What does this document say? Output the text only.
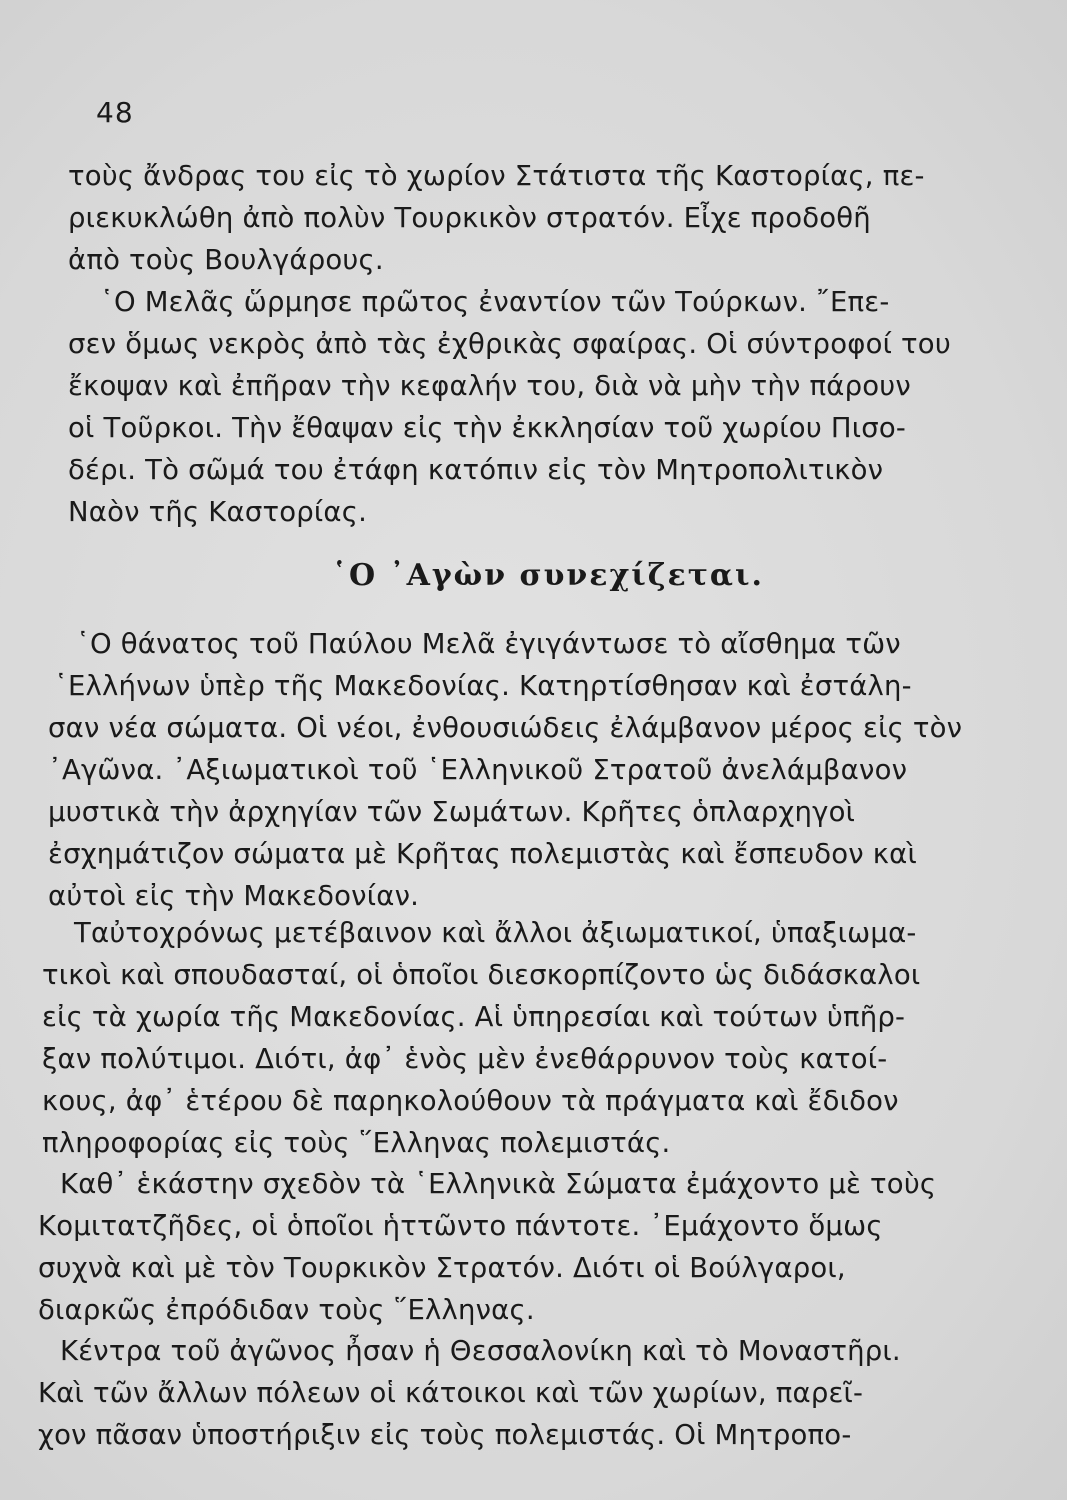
48
τοὺς ἄνδρας του εἰς τὸ χωρίον Στάτιστα τῆς Καστορίας, πε-
ριεκυκλώθη ἀπὸ πολὺν Τουρκικὸν στρατόν. Εἶχε προδοθῆ
ἀπὸ τοὺς Βουλγάρους.
῾Ο Μελᾶς ὥρμησε πρῶτος ἐναντίον τῶν Τούρκων. ῎Επε-
σεν ὅμως νεκρὸς ἀπὸ τὰς ἐχθρικὰς σφαίρας. Οἱ σύντροφοί του
ἔκοψαν καὶ ἐπῆραν τὴν κεφαλήν του, διὰ νὰ μὴν τὴν πάρουν
οἱ Τοῦρκοι. Τὴν ἔθαψαν εἰς τὴν ἐκκλησίαν τοῦ χωρίου Πισο-
δέρι. Τὸ σῶμά του ἐτάφη κατόπιν εἰς τὸν Μητροπολιτικὸν
Ναὸν τῆς Καστορίας.
῾Ο ᾿Αγὼν συνεχίζεται.
῾Ο θάνατος τοῦ Παύλου Μελᾶ ἐγιγάντωσε τὸ αἴσθημα τῶν
῾Ελλήνων ὑπὲρ τῆς Μακεδονίας. Κατηρτίσθησαν καὶ ἐστάλη-
σαν νέα σώματα. Οἱ νέοι, ἐνθουσιώδεις ἐλάμβανον μέρος εἰς τὸν
᾿Αγῶνα. ᾿Αξιωματικοὶ τοῦ ῾Ελληνικοῦ Στρατοῦ ἀνελάμβανον
μυστικὰ τὴν ἀρχηγίαν τῶν Σωμάτων. Κρῆτες ὁπλαρχηγοὶ
ἐσχημάτιζον σώματα μὲ Κρῆτας πολεμιστὰς καὶ ἔσπευδον καὶ
αὐτοὶ εἰς τὴν Μακεδονίαν.
Ταὐτοχρόνως μετέβαινον καὶ ἄλλοι ἀξιωματικοί, ὑπαξιωμα-
τικοὶ καὶ σπουδασταί, οἱ ὁποῖοι διεσκορπίζοντο ὡς διδάσκαλοι
εἰς τὰ χωρία τῆς Μακεδονίας. Αἱ ὑπηρεσίαι καὶ τούτων ὑπῆρ-
ξαν πολύτιμοι. Διότι, ἀφ᾿ ἑνὸς μὲν ἐνεθάρρυνον τοὺς κατοί-
κους, ἀφ᾿ ἑτέρου δὲ παρηκολούθουν τὰ πράγματα καὶ ἔδιδον
πληροφορίας εἰς τοὺς ῞Ελληνας πολεμιστάς.
Καθ᾿ ἑκάστην σχεδὸν τὰ ῾Ελληνικὰ Σώματα ἐμάχοντο μὲ τοὺς
Κομιτατζῆδες, οἱ ὁποῖοι ἡττῶντο πάντοτε. ᾿Εμάχοντο ὅμως
συχνὰ καὶ μὲ τὸν Τουρκικὸν Στρατόν. Διότι οἱ Βούλγαροι,
διαρκῶς ἐπρόδιδαν τοὺς ῞Ελληνας.
Κέντρα τοῦ ἀγῶνος ἦσαν ἡ Θεσσαλονίκη καὶ τὸ Μοναστῆρι.
Καὶ τῶν ἄλλων πόλεων οἱ κάτοικοι καὶ τῶν χωρίων, παρεῖ-
χον πᾶσαν ὑποστήριξιν εἰς τοὺς πολεμιστάς. Οἱ Μητροπο-
